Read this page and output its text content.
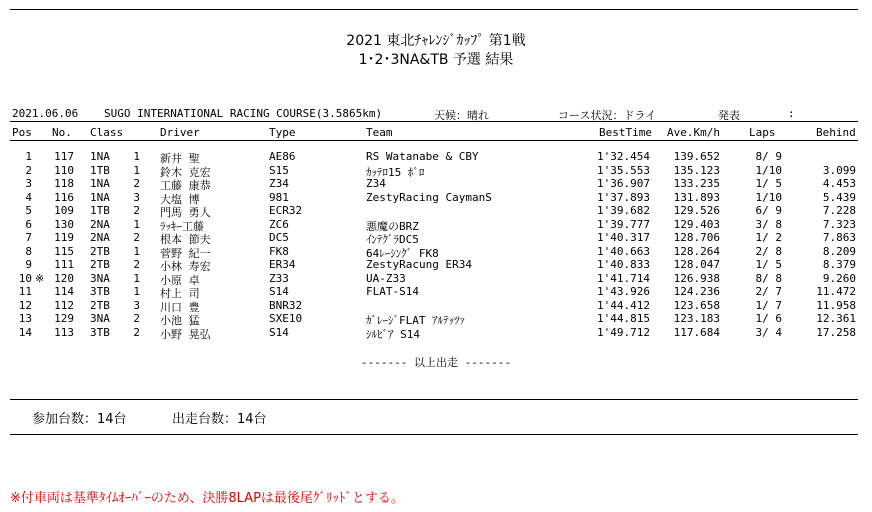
2021 東北ﾁｬﾚﾝｼﾞｶｯﾌﾟ 第1戦
1･2･3NA&TB 予選 結果
2021.06.06 SUGO INTERNATIONAL RACING COURSE(3.5865km)	天候：晴れ	コース状況：ドライ	発表	:
Pos No. Class	Driver	Type	Team	BestTime Ave.Km/h	Laps	Behind
1	117 1NA	1 新井 聖	AE86	RS Watanabe & CBY	1'32.454	139.652	8/ 9
2	110 1TB	1 鈴木 克宏	S15	ｶｯﾃﾛ15 ﾎﾞﾛ	1'35.553	135.123	1/10	3.099
3	118 1NA	2 工藤 康恭	Z34	Z34	1'36.907	133.235	1/ 5	4.453
4	116 1NA	3 大塩 博	981	ZestyRacing CaymanS	1'37.893	131.893	1/10	5.439
5	109 1TB	2 門馬 勇人	ECR32	1'39.682	129.526	6/ 9	7.228
6	130 2NA	1 ﾗｯｷｰ工藤	ZC6	悪魔のBRZ	1'39.777	129.403	3/ 8	7.323
7	119 2NA	2 根本 節夫	DC5	ｲﾝﾃｸﾞﾗDC5	1'40.317	128.706	1/ 2	7.863
8	115 2TB	1 菅野 紀一	FK8	64ﾚｰｼﾝｸﾞ FK8	1'40.663	128.264	2/ 8	8.209
9	111 2TB	2 小林 寿宏	ER34	ZestyRacung ER34	1'40.833	128.047	1/ 5	8.379
10 ※ 120 3NA	1 小原 卓	Z33	UA-Z33	1'41.714	126.938	8/ 8	9.260
11	114 3TB	1 村上 司	S14	FLAT-S14	1'43.926	124.236	2/ 7	11.472
12	112 2TB	3 川口 豊	BNR32	1'44.412	123.658	1/ 7	11.958
13	129 3NA	2 小池 猛	SXE10	ｶﾞﾚｰｼﾞFLAT ｱﾙﾃｯﾂｧ	1'44.815	123.183	1/ 6	12.361
14	113 3TB	2 小野 晃弘	S14	ｼﾙﾋﾞｱ S14	1'49.712	117.684	3/ 4	17.258
------- 以上出走 -------
参加台数：14台	出走台数：14台
※付車両は基準ﾀｲﾑｵｰﾊﾞｰのため、決勝8LAPは最後尾ｸﾞﾘｯﾄﾞとする。
